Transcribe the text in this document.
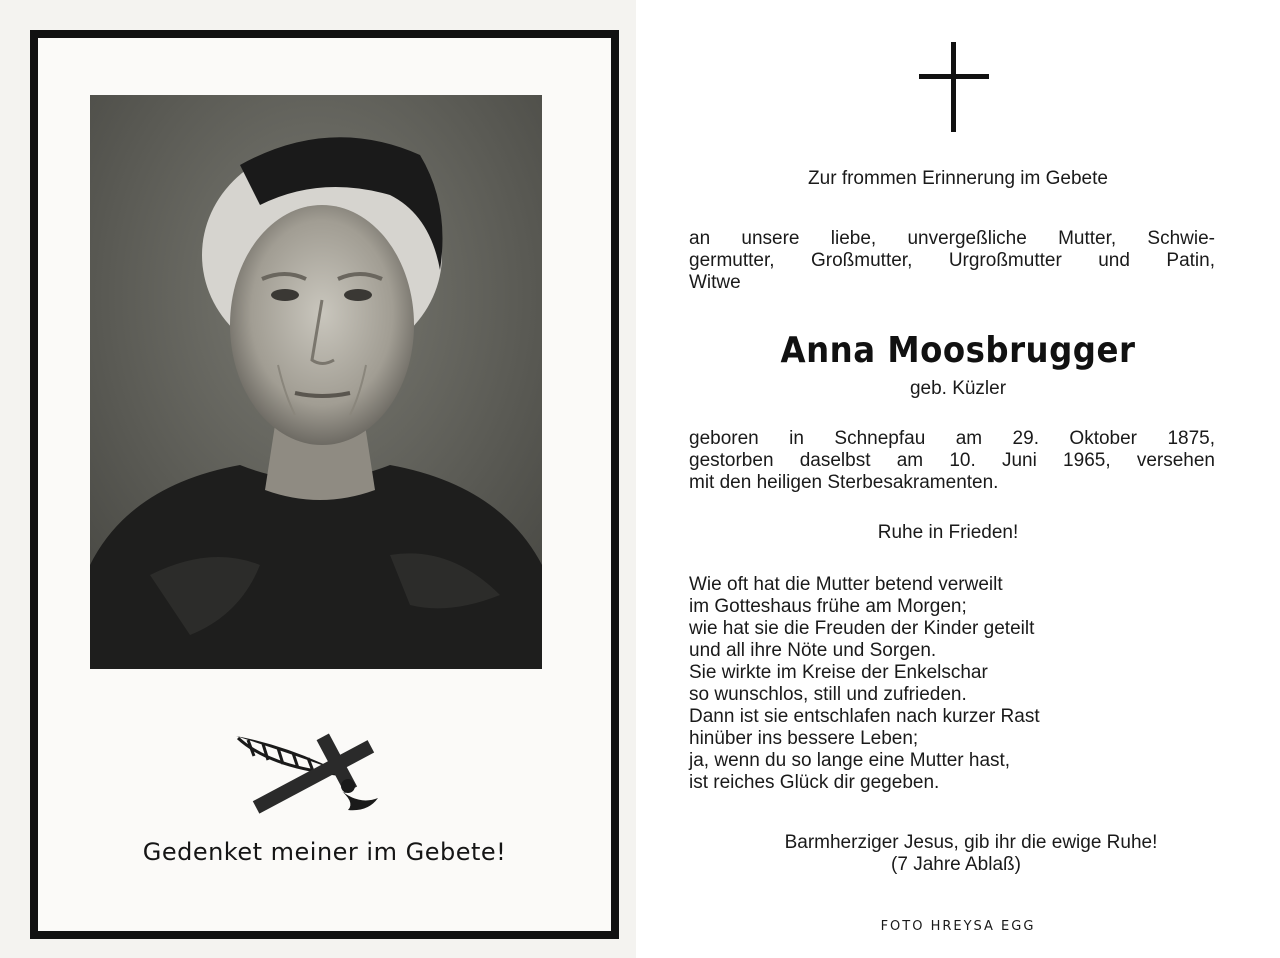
Gedenket meiner im Gebete!
Zur frommen Erinnerung im Gebete
an unsere liebe, unvergeßliche Mutter, Schwie-
germutter, Großmutter, Urgroßmutter und Patin,
Witwe
Anna Moosbrugger
geb. Küzler
geboren in Schnepfau am 29. Oktober 1875,
gestorben daselbst am 10. Juni 1965, versehen
mit den heiligen Sterbesakramenten.
Ruhe in Frieden!
Wie oft hat die Mutter betend verweilt
im Gotteshaus frühe am Morgen;
wie hat sie die Freuden der Kinder geteilt
und all ihre Nöte und Sorgen.
Sie wirkte im Kreise der Enkelschar
so wunschlos, still und zufrieden.
Dann ist sie entschlafen nach kurzer Rast
hinüber ins bessere Leben;
ja, wenn du so lange eine Mutter hast,
ist reiches Glück dir gegeben.
Barmherziger Jesus, gib ihr die ewige Ruhe!
(7 Jahre Ablaß)
FOTO HREYSA EGG
